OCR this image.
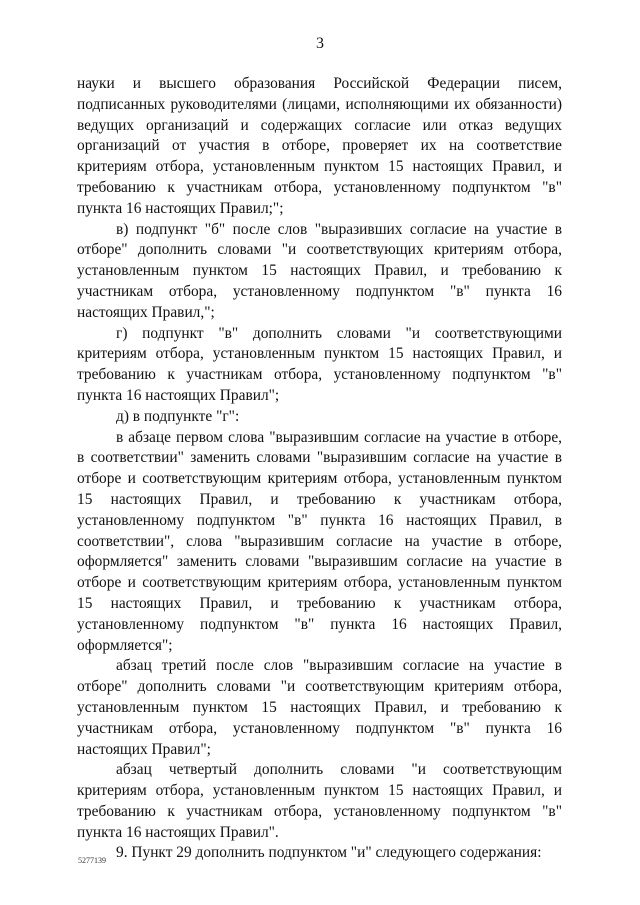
3

науки и высшего образования Российской Федерации писем, подписанных руководителями (лицами, исполняющими их обязанности) ведущих организаций и содержащих согласие или отказ ведущих организаций от участия в отборе, проверяет их на соответствие критериям отбора, установленным пунктом 15 настоящих Правил, и требованию к участникам отбора, установленному подпунктом "в" пункта 16 настоящих Правил;";

в) подпункт "б" после слов "выразивших согласие на участие в отборе" дополнить словами "и соответствующих критериям отбора, установленным пунктом 15 настоящих Правил, и требованию к участникам отбора, установленному подпунктом "в" пункта 16 настоящих Правил,";

г) подпункт "в" дополнить словами "и соответствующими критериям отбора, установленным пунктом 15 настоящих Правил, и требованию к участникам отбора, установленному подпунктом "в" пункта 16 настоящих Правил";

д) в подпункте "г":

в абзаце первом слова "выразившим согласие на участие в отборе, в соответствии" заменить словами "выразившим согласие на участие в отборе и соответствующим критериям отбора, установленным пунктом 15 настоящих Правил, и требованию к участникам отбора, установленному подпунктом "в" пункта 16 настоящих Правил, в соответствии", слова "выразившим согласие на участие в отборе, оформляется" заменить словами "выразившим согласие на участие в отборе и соответствующим критериям отбора, установленным пунктом 15 настоящих Правил, и требованию к участникам отбора, установленному подпунктом "в" пункта 16 настоящих Правил, оформляется";

абзац третий после слов "выразившим согласие на участие в отборе" дополнить словами "и соответствующим критериям отбора, установленным пунктом 15 настоящих Правил, и требованию к участникам отбора, установленному подпунктом "в" пункта 16 настоящих Правил";

абзац четвертый дополнить словами "и соответствующим критериям отбора, установленным пунктом 15 настоящих Правил, и требованию к участникам отбора, установленному подпунктом "в" пункта 16 настоящих Правил".

9. Пункт 29 дополнить подпунктом "и" следующего содержания:

5277139
